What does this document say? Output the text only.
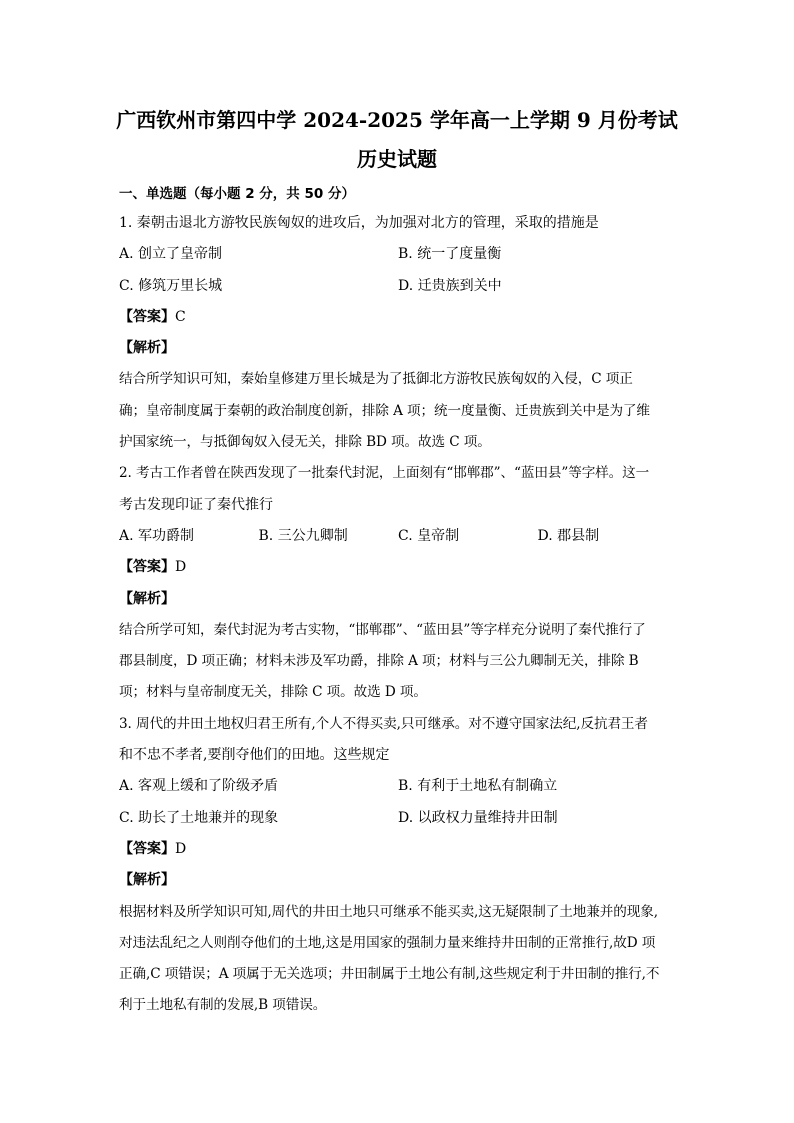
广西钦州市第四中学 2024-2025 学年高一上学期 9 月份考试
历史试题
一、单选题（每小题 2 分，共 50 分）
1. 秦朝击退北方游牧民族匈奴的进攻后，为加强对北方的管理，采取的措施是
A. 创立了皇帝制	B. 统一了度量衡
C. 修筑万里长城	D. 迁贵族到关中
【答案】C
【解析】
结合所学知识可知，秦始皇修建万里长城是为了抵御北方游牧民族匈奴的入侵，C 项正
确；皇帝制度属于秦朝的政治制度创新，排除 A 项；统一度量衡、迁贵族到关中是为了维
护国家统一，与抵御匈奴入侵无关，排除 BD 项。故选 C 项。
2. 考古工作者曾在陕西发现了一批秦代封泥，上面刻有“邯郸郡”、“蓝田县”等字样。这一
考古发现印证了秦代推行
A. 军功爵制	B. 三公九卿制	C. 皇帝制	D. 郡县制
【答案】D
【解析】
结合所学可知，秦代封泥为考古实物，“邯郸郡”、“蓝田县”等字样充分说明了秦代推行了
郡县制度，D 项正确；材料未涉及军功爵，排除 A 项；材料与三公九卿制无关，排除 B
项；材料与皇帝制度无关，排除 C 项。故选 D 项。
3. 周代的井田土地权归君王所有,个人不得买卖,只可继承。对不遵守国家法纪,反抗君王者
和不忠不孝者,要削夺他们的田地。这些规定
A. 客观上缓和了阶级矛盾	B. 有利于土地私有制确立
C. 助长了土地兼并的现象	D. 以政权力量维持井田制
【答案】D
【解析】
根据材料及所学知识可知,周代的井田土地只可继承不能买卖,这无疑限制了土地兼并的现象,
对违法乱纪之人则削夺他们的土地,这是用国家的强制力量来维持井田制的正常推行,故D 项
正确,C 项错误；A 项属于无关选项；井田制属于土地公有制,这些规定利于井田制的推行,不
利于土地私有制的发展,B 项错误。
